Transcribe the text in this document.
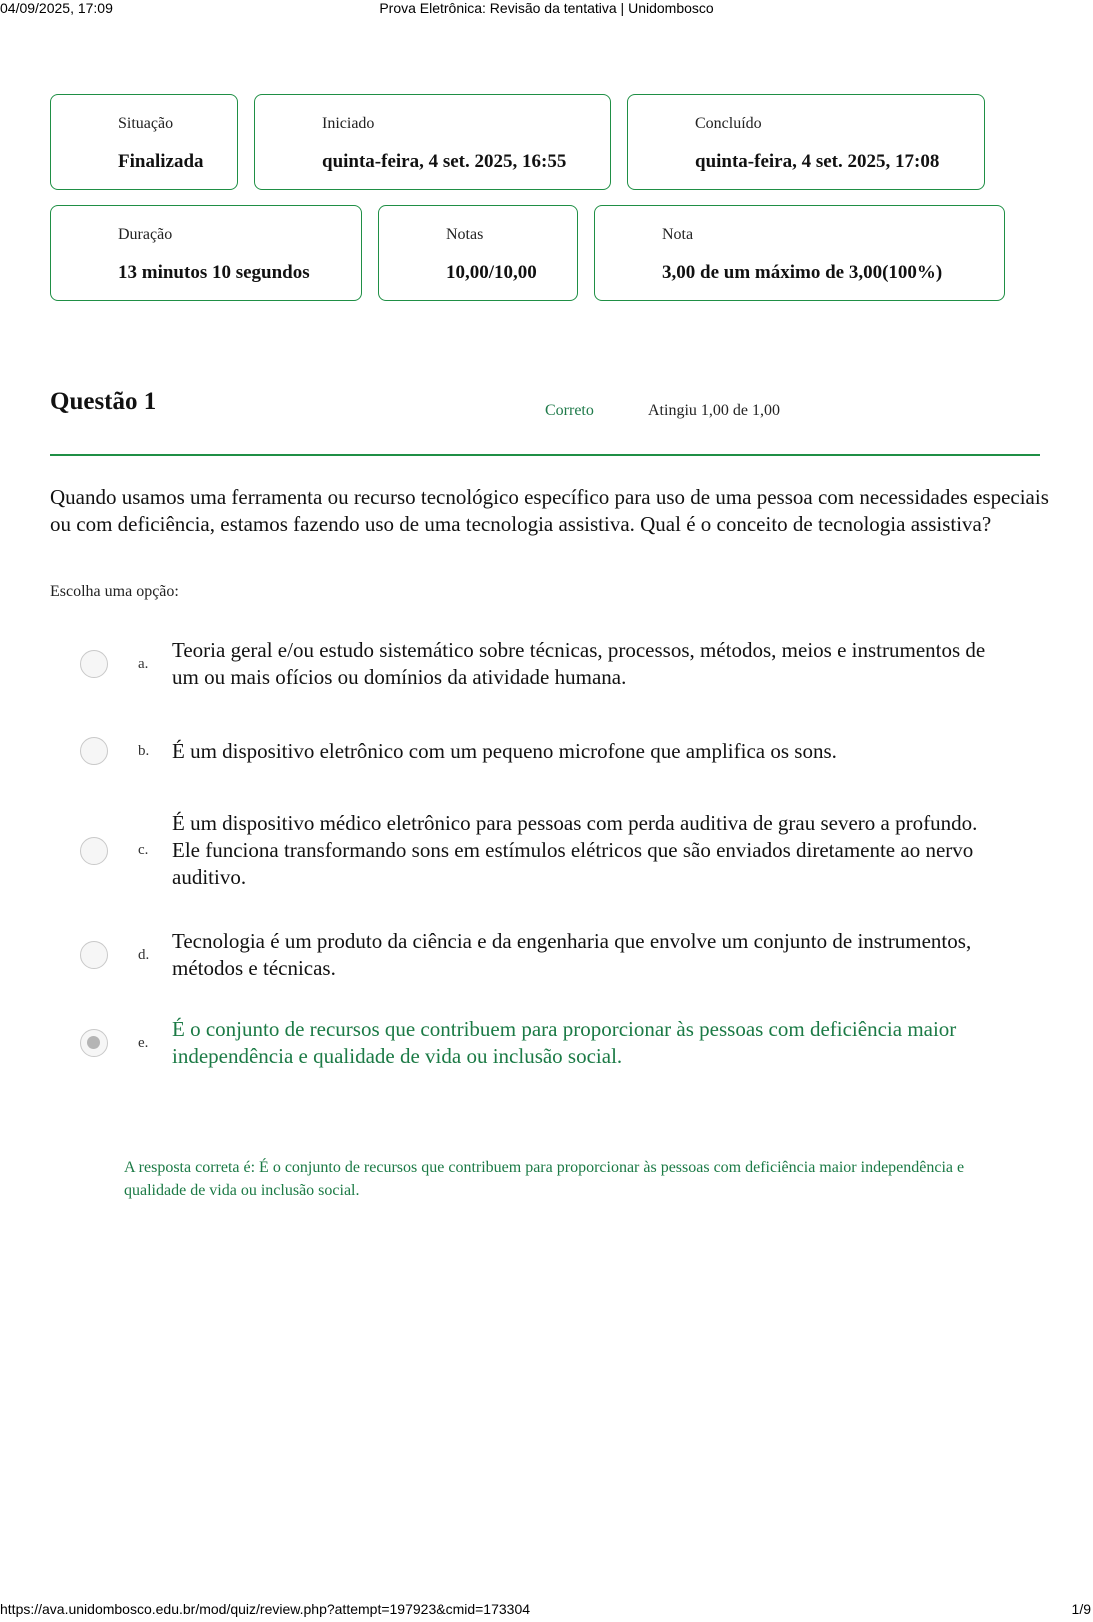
04/09/2025, 17:09	Prova Eletrônica: Revisão da tentativa | Unidombosco
Situação
Finalizada
Iniciado
quinta-feira, 4 set. 2025, 16:55
Concluído
quinta-feira, 4 set. 2025, 17:08
Duração
13 minutos 10 segundos
Notas
10,00/10,00
Nota
3,00 de um máximo de 3,00(100%)
Questão 1	Correto	Atingiu 1,00 de 1,00
Quando usamos uma ferramenta ou recurso tecnológico específico para uso de uma pessoa com necessidades especiais ou com deficiência, estamos fazendo uso de uma tecnologia assistiva. Qual é o conceito de tecnologia assistiva?
Escolha uma opção:
a.
Teoria geral e/ou estudo sistemático sobre técnicas, processos, métodos, meios e instrumentos de um ou mais ofícios ou domínios da atividade humana.
b.	É um dispositivo eletrônico com um pequeno microfone que amplifica os sons.
c.
É um dispositivo médico eletrônico para pessoas com perda auditiva de grau severo a profundo. Ele funciona transformando sons em estímulos elétricos que são enviados diretamente ao nervo auditivo.
d.
Tecnologia é um produto da ciência e da engenharia que envolve um conjunto de instrumentos, métodos e técnicas.
e.
É o conjunto de recursos que contribuem para proporcionar às pessoas com deficiência maior independência e qualidade de vida ou inclusão social.
A resposta correta é: É o conjunto de recursos que contribuem para proporcionar às pessoas com deficiência maior independência e qualidade de vida ou inclusão social.
https://ava.unidombosco.edu.br/mod/quiz/review.php?attempt=197923&cmid=173304	1/9
